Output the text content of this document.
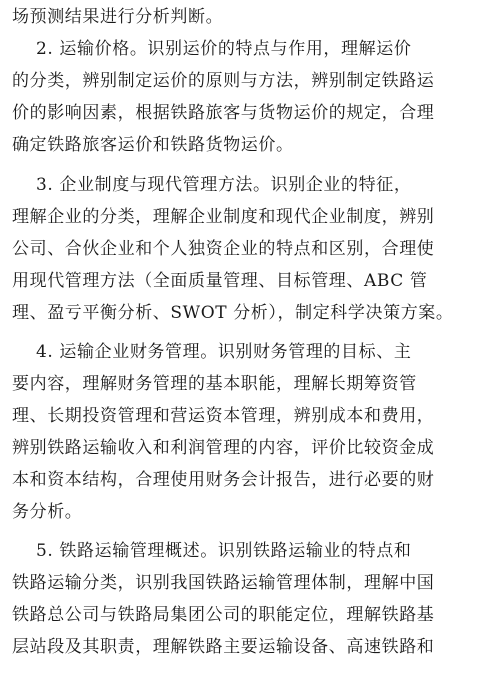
场预测结果进行分析判断。
2. 运输价格。识别运价的特点与作用，理解运价
的分类，辨别制定运价的原则与方法，辨别制定铁路运
价的影响因素，根据铁路旅客与货物运价的规定，合理
确定铁路旅客运价和铁路货物运价。
3. 企业制度与现代管理方法。识别企业的特征，
理解企业的分类，理解企业制度和现代企业制度，辨别
公司、合伙企业和个人独资企业的特点和区别，合理使
用现代管理方法（全面质量管理、目标管理、ABC 管
理、盈亏平衡分析、SWOT 分析），制定科学决策方案。
4. 运输企业财务管理。识别财务管理的目标、主
要内容，理解财务管理的基本职能，理解长期筹资管
理、长期投资管理和营运资本管理，辨别成本和费用，
辨别铁路运输收入和利润管理的内容，评价比较资金成
本和资本结构，合理使用财务会计报告，进行必要的财
务分析。
5. 铁路运输管理概述。识别铁路运输业的特点和
铁路运输分类，识别我国铁路运输管理体制，理解中国
铁路总公司与铁路局集团公司的职能定位，理解铁路基
层站段及其职责，理解铁路主要运输设备、高速铁路和
